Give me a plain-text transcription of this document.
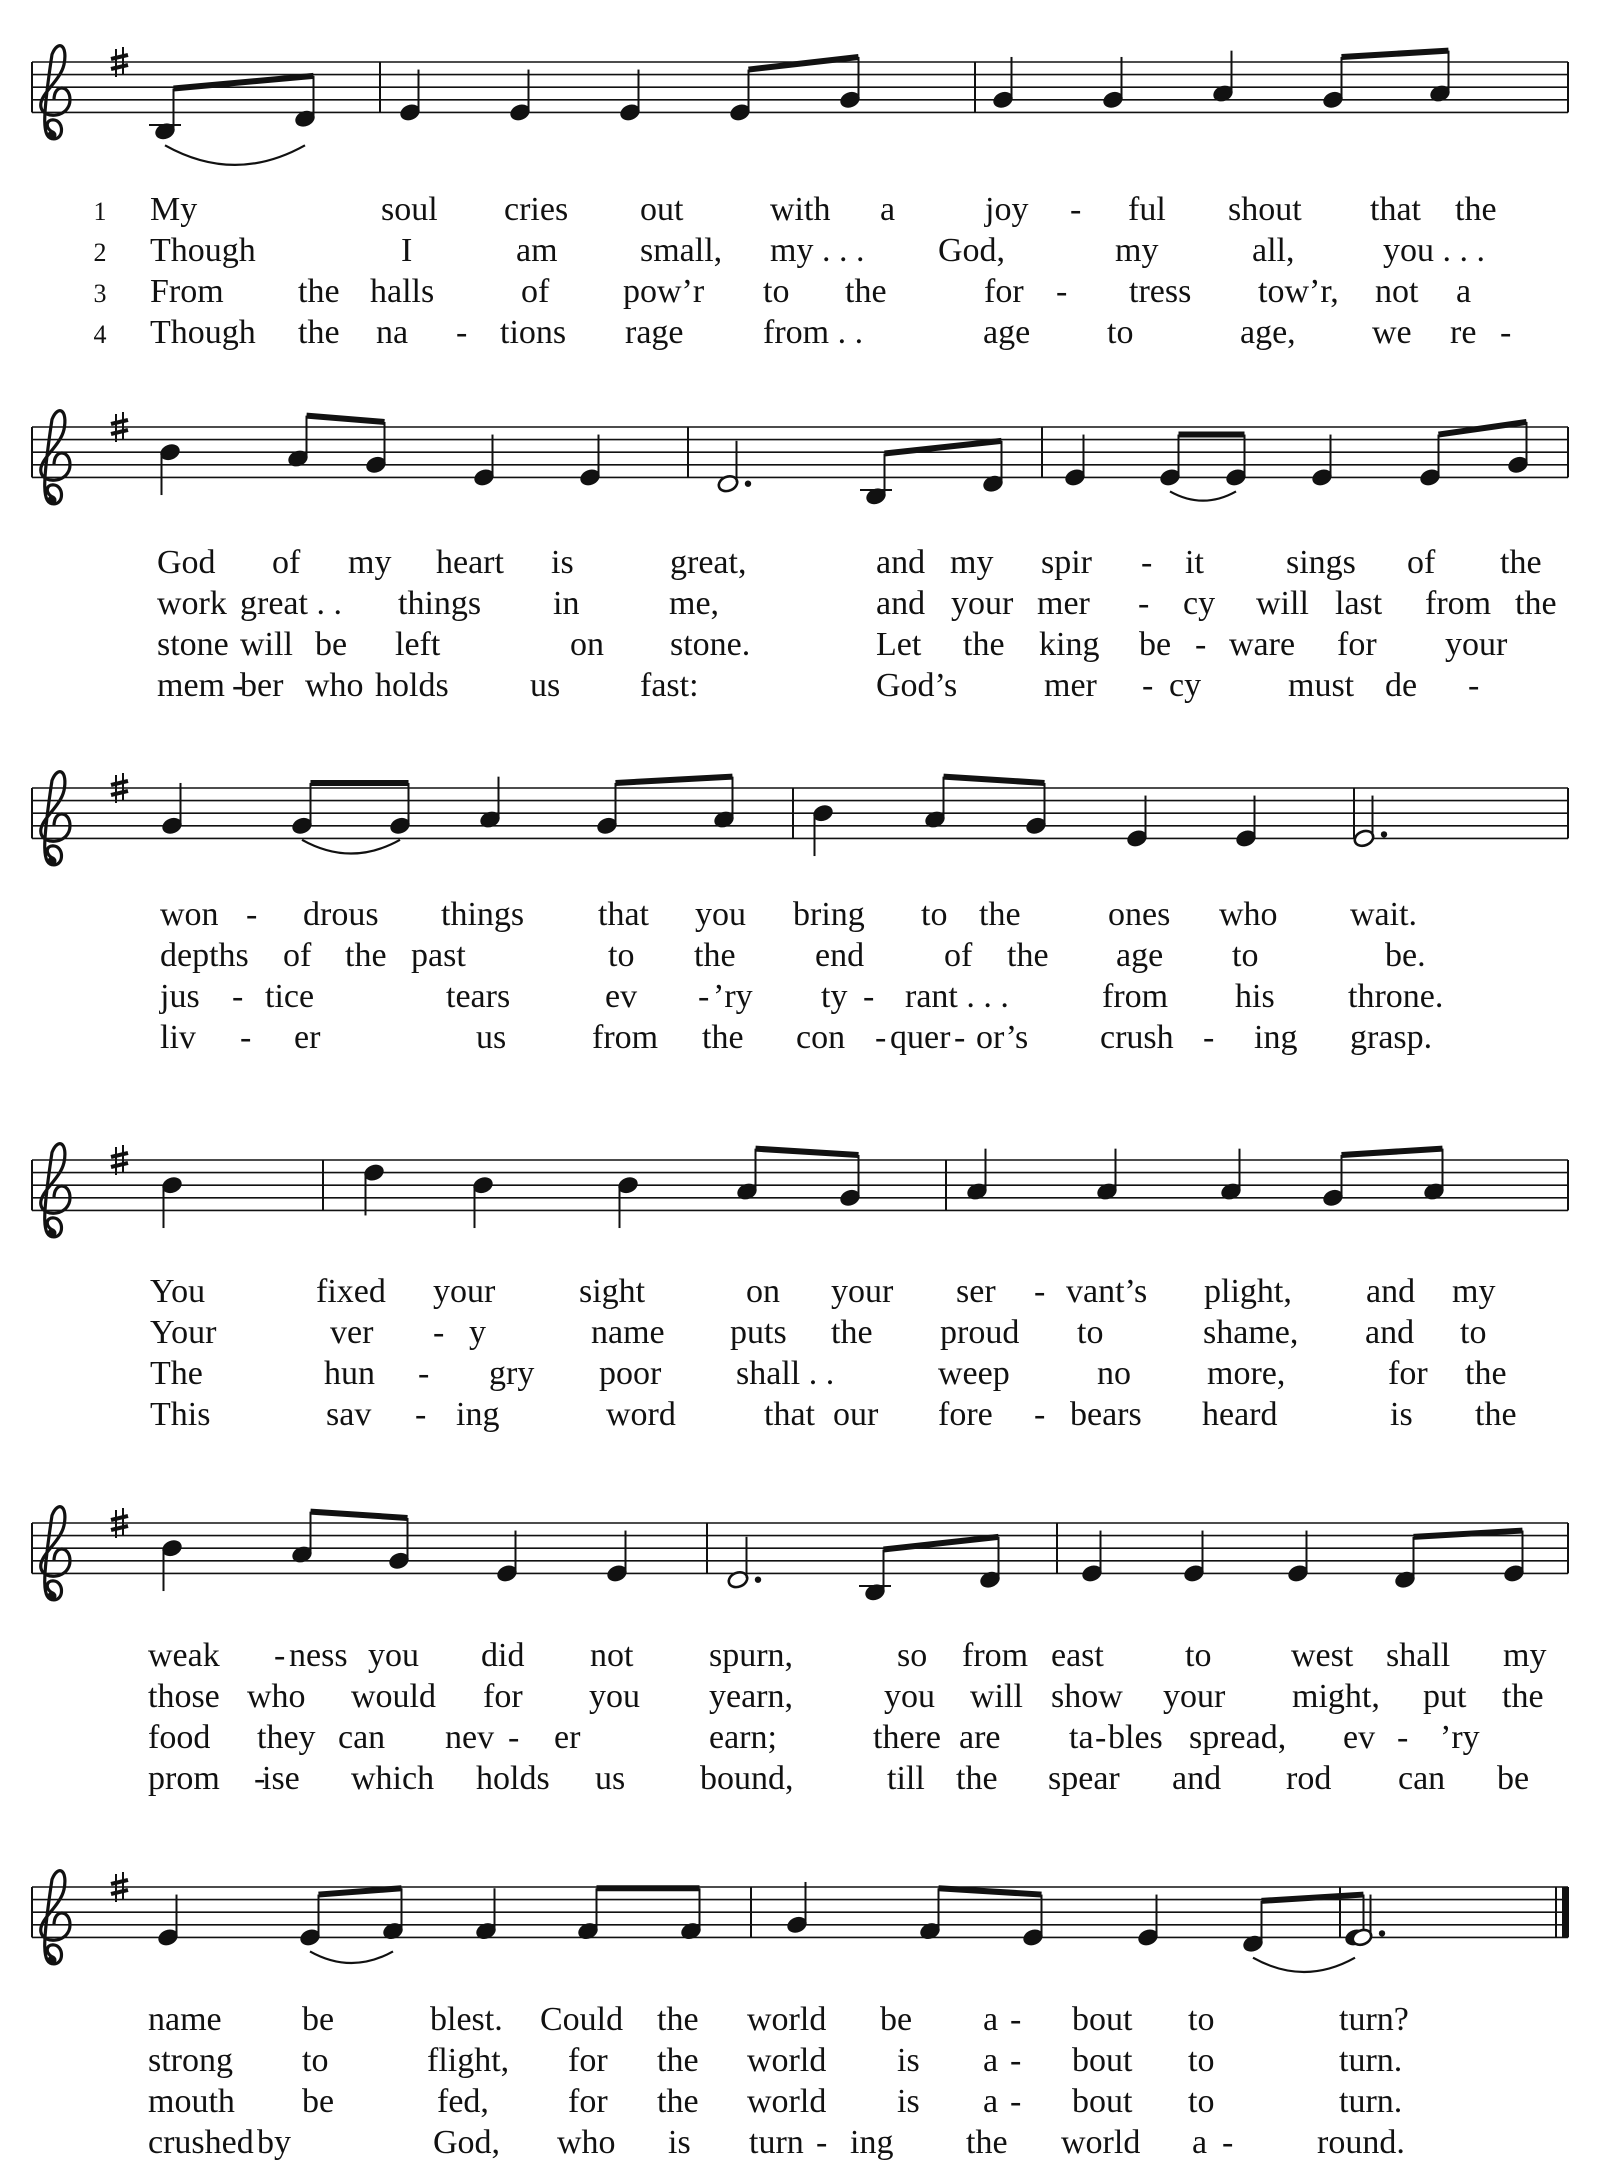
1 My	soul cries out	with a	joy - ful shout that the
2 Though	I	am small, my . . . God,	my	all,	you . . .
3 From the halls	of pow’r to the	for - tress tow’r, not a
4 Though the na - tions rage from . .	age to	age, we re -
God of my heart is	great,	and my spir - it sings of the
work great . . things in	me,	and your mer - cy will last from the
stone will be left	on stone.	Let the king be - ware for your
mem -
ber who holds us fast:	God’s	mer - cy	must de -
won - drous things that you bring to the	ones who wait.
depths of the past	to the end of the age to	be.
jus - tice	tears	ev - ’ry ty - rant . . .	from his throne.
liv - er	us	from the con - quer - or’s crush - ing grasp.
You	fixed your sight	on your ser - vant’s plight, and my
Your	ver - y	name puts the proud to	shame, and to
The	hun - gry poor shall . .	weep	no more,	for the
This	sav - ing	word	that our fore - bears heard	is the
weak - ness you did not spurn,	so from east to west shall my
those who would for you yearn,	you will show your might, put the
food they can nev - er	earn;	there are ta - bles spread, ev - ’ry
prom -
ise which holds us bound,	till the spear and rod can be
name be	blest. Could the world be a - bout to	turn?
strong to	flight, for the world is a - bout to	turn.
mouth be	fed, for the world is a - bout to	turn.
crushed by	God, who is turn - ing the world a - round.
